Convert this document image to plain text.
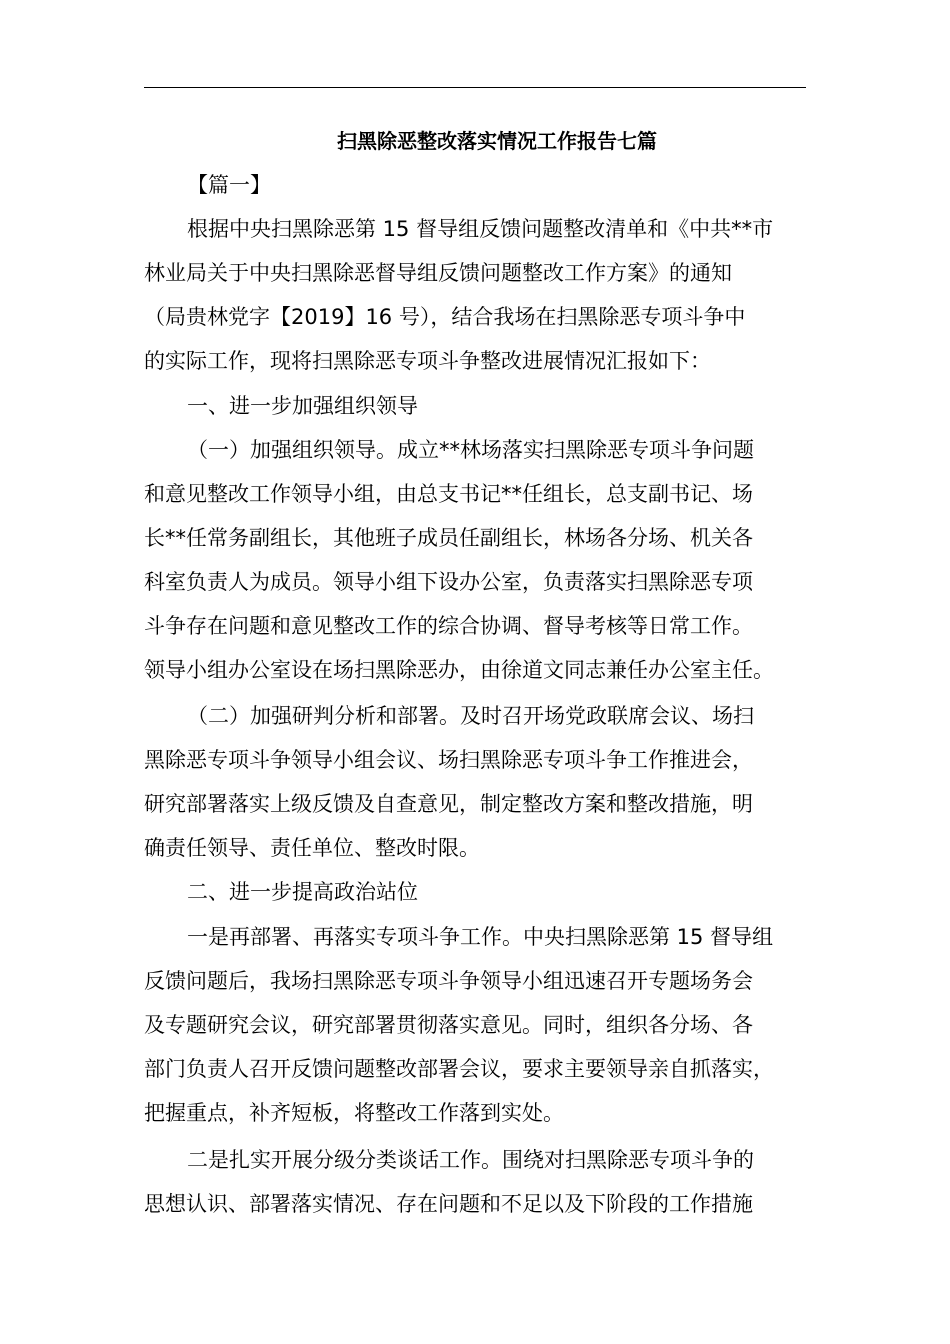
扫黑除恶整改落实情况工作报告七篇
【篇一】
根据中央扫黑除恶第 15 督导组反馈问题整改清单和《中共**市
林业局关于中央扫黑除恶督导组反馈问题整改工作方案》的通知
（局贵林党字【2019】16 号），结合我场在扫黑除恶专项斗争中
的实际工作，现将扫黑除恶专项斗争整改进展情况汇报如下：
一、进一步加强组织领导
（一）加强组织领导。成立**林场落实扫黑除恶专项斗争问题
和意见整改工作领导小组，由总支书记**任组长，总支副书记、场
长**任常务副组长，其他班子成员任副组长，林场各分场、机关各
科室负责人为成员。领导小组下设办公室，负责落实扫黑除恶专项
斗争存在问题和意见整改工作的综合协调、督导考核等日常工作。
领导小组办公室设在场扫黑除恶办，由徐道文同志兼任办公室主任。
（二）加强研判分析和部署。及时召开场党政联席会议、场扫
黑除恶专项斗争领导小组会议、场扫黑除恶专项斗争工作推进会，
研究部署落实上级反馈及自查意见，制定整改方案和整改措施，明
确责任领导、责任单位、整改时限。
二、进一步提高政治站位
一是再部署、再落实专项斗争工作。中央扫黑除恶第 15 督导组
反馈问题后，我场扫黑除恶专项斗争领导小组迅速召开专题场务会
及专题研究会议，研究部署贯彻落实意见。同时，组织各分场、各
部门负责人召开反馈问题整改部署会议，要求主要领导亲自抓落实，
把握重点，补齐短板，将整改工作落到实处。
二是扎实开展分级分类谈话工作。围绕对扫黑除恶专项斗争的
思想认识、部署落实情况、存在问题和不足以及下阶段的工作措施
